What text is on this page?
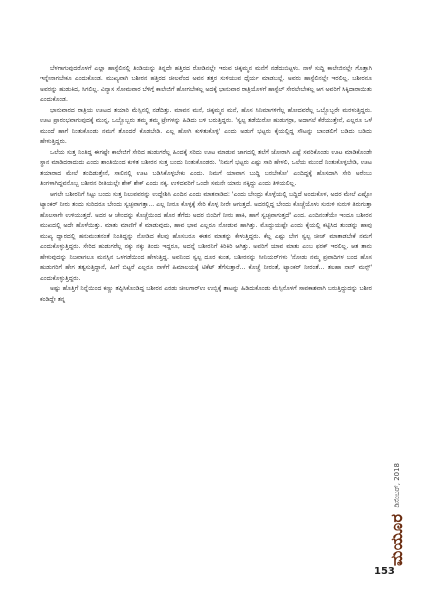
ಬೆಳಗಾಗುವುದರೊಳಗೆ ಎಲ್ಲಾ ಹಾಸ್ಟೆಲಿನಲ್ಲಿ ತಿಂಡಿಯನ್ನು ತಿನ್ನದೇ ಹತ್ತಿರದ ರೋಡಿನಲ್ಲೇ ಇರುವ ಚಿಕ್ಕಮ್ಮನ ಮನೆಗೆ ನಡೆದುಬಿಟ್ಟಳು. ನಾಳೆ ಸುದ್ದಿ ಕಾಲೇಜಿನಲ್ಲೇ ಗೊತ್ತಾಗಿ ಇನ್ನೇನಾಗಬೇಕೂ ಎಂದುಕೊಂಡ. ಮುಖ್ಯವಾಗಿ ಬಶೀರನ ಹತ್ತಿರದ ಚೀಲವೆಂದ ಅವನ ತತ್ತರ ಸುಳಿಯುವ ಧೈರ್ಯ ಮಾಡಬಲ್ಲೆ. ಅವರು ಹಾಸ್ಟೆಲಿನಲ್ಲೇ ಇರಲಿಲ್ಲ. ಬಶೀರನೂ ಅವರನ್ನು ಹುಡುಕಿದ, ಸಿಗಲಿಲ್ಲ. ವಿನ್ಯಾಸ ಸೋಮವಾರ ಬೆಳಿಗ್ಗೆ ಕಾಲೇಜಿಗೆ ಹೋಗಬೇಕಲ್ಲ ಅದಕ್ಕೆ ಭಾನುವಾರ ರಾತ್ರಿಯೊಳಗೆ ಹಾಸ್ಟೆಲ್ ಸೇರಲೇಬೇಕಲ್ಲ ಆಗ ಅವರಿಗೆ ಸಿಕ್ಕಿದಾರಾಯಿತು ಎಂದುಕೊಂಡ.

ಭಾನುವಾರದ ರಾತ್ರಿಯ ಊಟದ ತಯಾರಿ ಮೆಸ್ಸಿನಲ್ಲಿ ನಡೆದಿತ್ತು. ಮಾವನ ಮನೆ, ಚಿಕ್ಕಮ್ಮನ ಮನೆ, ಹೊಸ ಸಿನಿಮಾಗಳಿಗೆಲ್ಲ ಹೋದವರೆಲ್ಲ ಒಬ್ಬೊಬ್ಬರೇ ಮರಳುತ್ತಿದ್ದರು. ಊಟ ಪ್ರಾರಂಭವಾಗುವುದಕ್ಕೆ ಮುನ್ನ, ಒಬ್ಬೊಬ್ಬರು ತಮ್ಮ ತಮ್ಮ ಟ್ರೇಗಳನ್ನು ಹಿಡಿದು ಬಳಿ ಬರುತ್ತಿದ್ದರು. 'ಸ್ವಲ್ಪ ತಡೆಯಿರೋ ಹುಡುಗರ್ರಾ, ಅದಾಗಲೆ ಕೆರೆಯುತ್ತೇನೆ, ಎಲ್ಲರೂ ಒಳೆ ಮುಂದೆ ಹಾಗೆ ನಿಂತುಕೊಂಡು ನಮಗೆ ತೊಂದರೆ ಕೊಡಬೇಡಿ. ಎಲ್ಲ ಹೋಗಿ ಕುಳಿತುಕೊಳ್ಳಿ' ಎಂದು ಅಡುಗೆ ಭಟ್ಟರು ಕೈಯಲ್ಲಿದ್ದ ಸೌಟನ್ನು ಬಾಂಡಲಿಗೆ ಬಡಿದು ಬಡಿದು ಹೇಳುತ್ತಿದ್ದರು.

ಒಲೆಯ ಸುತ್ತ ನಿಂತಿದ್ದ ಈಗಷ್ಟೇ ಕಾಲೇಜಿಗೆ ಸೇರಿದ ಹುಡುಗರೆಲ್ಲ ಹಿಂದಕ್ಕೆ ಸರಿದು ಊಟ ಮಾಡುವ ಜಾಗದಲ್ಲಿ ತಲೆಗೆ ಜೋರಾಗಿ ಎಷ್ಟೆ ಸವರಿಕೊಂಡು ಊಟ ಮಾಡಿಕೊಂಡೇ ಸ್ಥಾನ ಮಾಡಿದರಾದುದು ಎಂದು ಶಾಂತಿಯಿಂದ ಕುಳಿತ ಬಶೀರನ ಸುತ್ತ ಬಂದು ನಿಂತುಕೊಂಡರು. 'ನಿಮಗೆ ಭಟ್ಟರು ಎಷ್ಟು ಸಾರಿ ಹೇಳಲಿ, ಒಲೆಯ ಮುಂದೆ ನಿಂತುಕೊಳ್ಳಬೇಡಿ, ಊಟ ತಯಾರಾದ ಮೇಲೆ ತಂದಿಡುತ್ತೇನೆ, ಸಾಲಿನಲ್ಲಿ ಊಟ ಬಡಿಸಿಕೊಳ್ಳಬೇಕು ಎಂದು. ನಿಮಗೆ ಯಾವಾಗ ಬುದ್ಧಿ ಬರಬೇಕೋ' ಎಂದಿದ್ದಕ್ಕೆ ಹೊಸದಾಗಿ ಸೇರಿ ಅರೆಂಬು ತಿಂಗಳಾಗಿದ್ದವನೊಬ್ಬ ಬಶೀರನ ರೀತಿಯಲ್ಲೇ ಶೇಕ್ ಶೇಕ್ ಎಂದು ನಕ್ಕ. ಉಳಿದವರಿಗೆ ಒಂದೇ ಸಮನೇ ಯಾರು ನಕ್ಕಿದ್ದು ಎಂದು ತಿಳಿಯಲಿಲ್ಲ.

ಆಗಲೇ ಬಶೀರನಿಗೆ ಸಿಟ್ಟು ಬಂದು ಸುತ್ತ ನಿಲುವವರನ್ನು ಉದ್ದೇಶಿಸಿ ಎಂದಿನ ಎಂದು ಮಾತನಾಡಿದ: 'ಎಂದು ಬೇಂದ್ರು ಕೊಳ್ಳೆಯಲ್ಲಿ ಬದ್ದಿದೆ ಅಂದುಕೊಳ, ಅದರ ಮೇಲೆ ಎಷ್ಟೋ ಟ್ಯಾಂಕರ್ ನೀರು ತಂದು ಸುರಿದರೂ ಬೇಂದು ಸ್ವಚ್ಛವಾಗತ್ತಾ... ಎಲ್ಲ ನೀರೂ ಕೊಳ್ಳಕ್ಕೆ ಸೇರಿ ಕೊಳ್ಳ ನೀರೇ ಆಗುತ್ತದೆ. ಅದರಲ್ಲಿದ್ದ ಬೇಂದು ಕೊಚ್ಚೆಯೊಳು ಸುರುಳಿ ಸುರುಳಿ ತಿರುಗುತ್ತಾ ಹೊಲಸಾಗೇ ಉಳಿಯುತ್ತದೆ. ಅದರ ಆ ಚೇಂದನ್ನು ಕೊಚ್ಚೆಯಿಂದ ಹೊರ ತೆಗೆದು ಅದರ ಬಿಂದಿಗೆ ನೀರು ಹಾಕಿ, ಹಾಗೆ ಸ್ವಚ್ಛವಾಗುತ್ತದೆ' ಎಂದ. ಎಂದಿನಂತೆಯೇ ಇಂದೂ ಬಶೀರನ ಮುಖದಲ್ಲಿ ಅದೇ ಹೊಳೆಯಿತ್ತು. ಮಾತು ಮಾಣಿಗೆ ಕೆ ಮಾಡುವುದು, ಹಾವ ಭಾವ ಎಲ್ಲರೂ ನೋಡುವ ಹಾಗಿತ್ತು. ಮೊದ್ದುಯಷ್ಟೇ ಎಂದು ಕೈಯಲ್ಲಿ ಕಟ್ಟಿಸಿದ ತುಂಡನ್ನು ಹಾವು ಮುಖ್ಯ ದ್ವಾರದಲ್ಲಿ ಹನುಮಂತನಂತೆ ನಿಂತಿದ್ದನ್ನು ನೋಡಿದ ಕೆಲವು ಹೊಸಬರೂ ಈತನ ಮಾತನ್ನು ಕೇಳುತ್ತಿದ್ದರು. ಕೆಲ್ಲ ಎಷ್ಟು ಬೇಗ ಸ್ವಲ್ಪ ಚೀಜ್ ಮಾತಾಡಬೇಕೆ ನಮಗೆ ಎಂದುಕೊಳ್ಳುತ್ತಿದ್ದರು. ಸೇರಿದ ಹುಡುಗರೆಲ್ಲ ನಕ್ಕು ನಕ್ಕು ತಿಂದು ಇದ್ದರೂ, ಅದನ್ನೆ ಬಶೀರನಿಗೆ ಕಿರಿಕಿರಿ ಆಗಿತ್ತು. ಅವರಿಗೆ ಯಾವ ಮಾತು ಎಂಬ ಫರಕ್ ಇರಲಿಲ್ಲ. ಆತ ತಾನು ಹೇಳುವುದನ್ನು ನಿಜವಾಗಲೂ ಮನಸ್ಸಿನ ಒಳಗಡೆಯಿಂದ ಹೇಳುತ್ತಿದ್ದ. ಅವನಿಂದ ಸ್ವಲ್ಪ ದೂರ ಕುಂತ, ಬಶೀರನನ್ನು ಸೀನಿಯರ್‌ಗಳು 'ನೋಡು ನಮ್ಮ ಪ್ರವಾದಿಗಳ ಬಂದ ಹೊಸ ಹುಡುಗರಿಗೆ ಹೇಗ ತತ್ವಸುತ್ತಿದ್ದಾನೆ, ಹೀಗೆ ಬಿಟ್ಟರೆ ಎಲ್ಲರೂ ನಾಳೆಗೆ ಹಿಮಾಲಯಕ್ಕೆ ಟಿಕೆಟ್ ತೆಗೆಸುತ್ತಾರೆ... ಕೊಚ್ಚೆ ನೀರಂತೆ, ಟ್ಯಾಂಕರ್ ನೀರಂತೆ... ತಲಹಾ ನಾನ್ ಮನ್ಸ್' ಎಂದುಕೊಳ್ಳುತ್ತಿದ್ದರು.

ಅಷ್ಟು ಹೊತ್ತಿಗೆ ನಿನ್ನೆಯಿಂದ ಕಣ್ಣು ತಪ್ಪಿಸಿಕೊಂಡಿದ್ದ ಬಶೀರನ ಎರಡು ಚೀಲಗಾರ್‌ಉ ಉಬ್ಬಿಕ್ಕೆ ತಾಟನ್ನು ಹಿಡಿದುಕೊಂಡು ಮೆಸ್ಸಿನೊಳಗೆ ಸಾವಕಾಶವಾಗಿ ಬರುತ್ತಿದ್ದುದನ್ನು ಬಶೀರ ಕಂಡಿದ್ದೇ ತನ್ನ

ಮಯೂರ
ಡಿಸೆಂಬರ್, 2018
153
